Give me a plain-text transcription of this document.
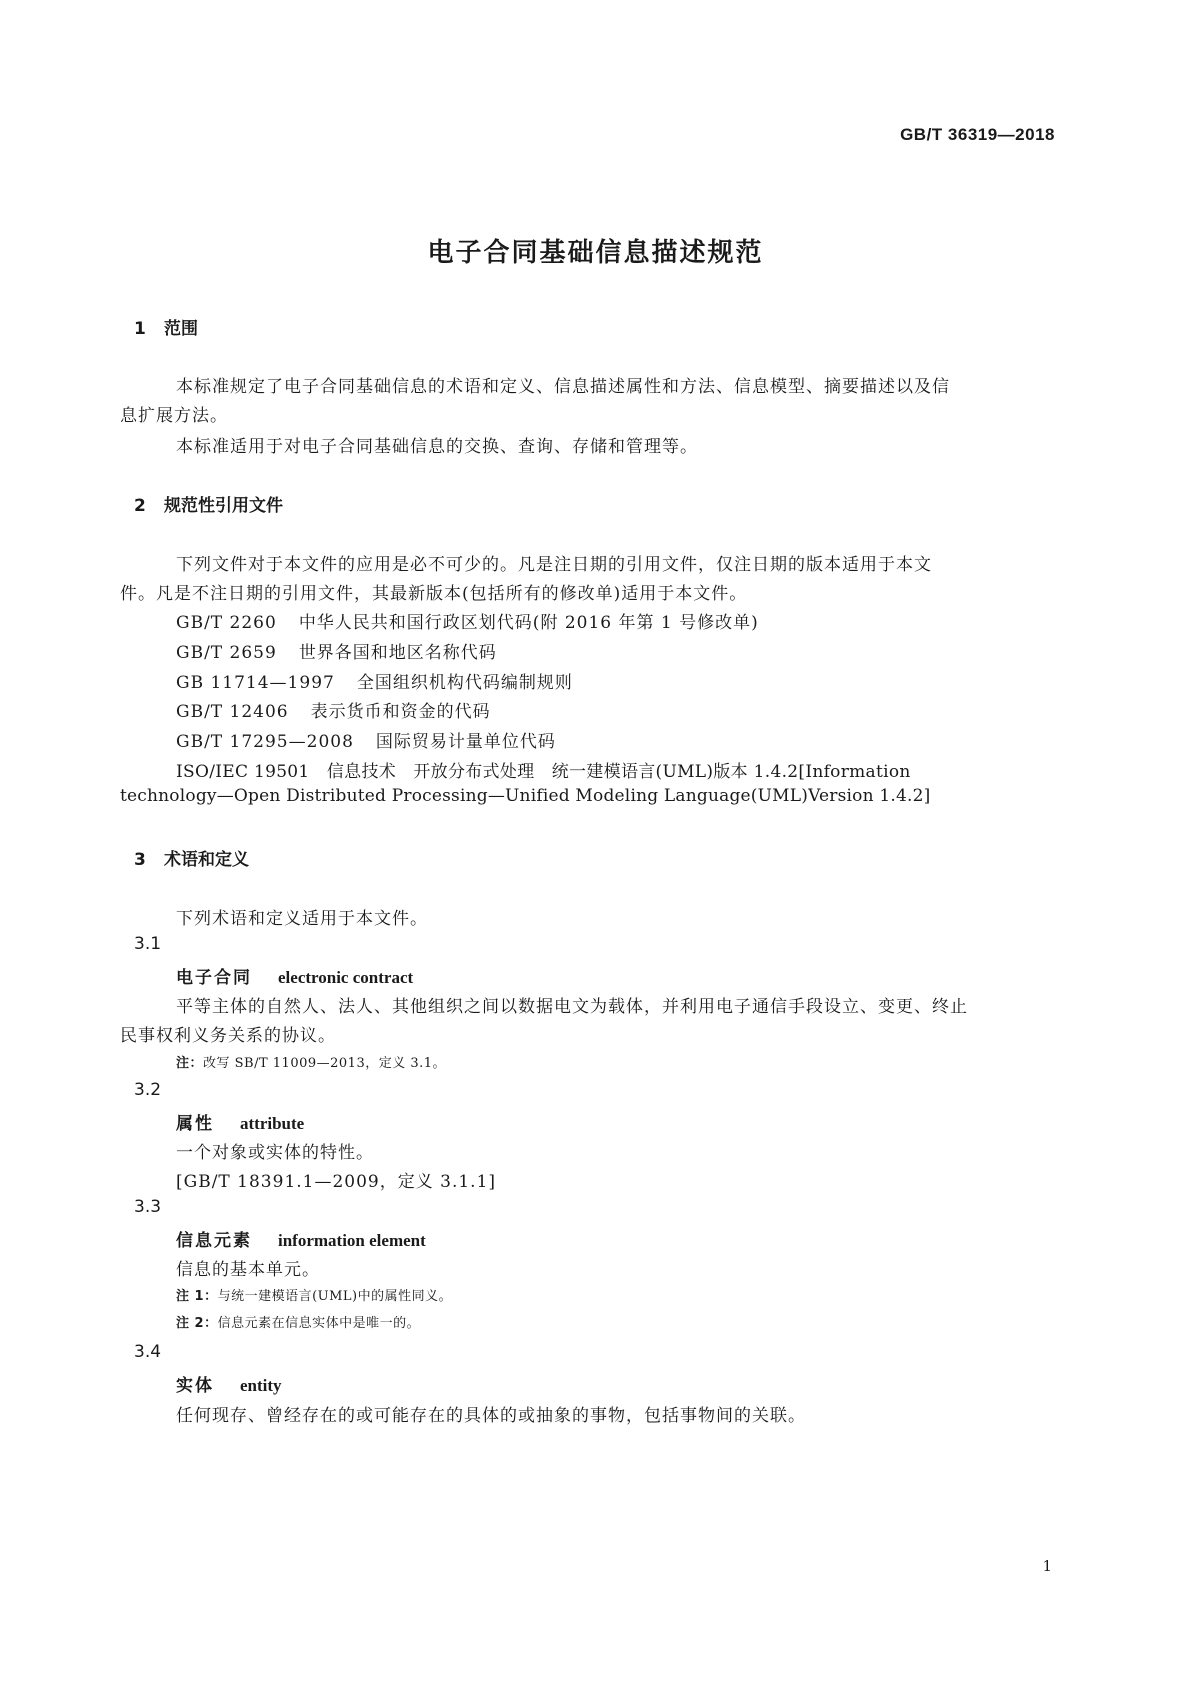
GB/T 36319—2018
电子合同基础信息描述规范
1 范围
本标准规定了电子合同基础信息的术语和定义、信息描述属性和方法、信息模型、摘要描述以及信
息扩展方法。
本标准适用于对电子合同基础信息的交换、查询、存储和管理等。
2 规范性引用文件
下列文件对于本文件的应用是必不可少的。凡是注日期的引用文件，仅注日期的版本适用于本文
件。凡是不注日期的引用文件，其最新版本(包括所有的修改单)适用于本文件。
GB/T 2260 中华人民共和国行政区划代码(附 2016 年第 1 号修改单)
GB/T 2659 世界各国和地区名称代码
GB 11714—1997 全国组织机构代码编制规则
GB/T 12406 表示货币和资金的代码
GB/T 17295—2008 国际贸易计量单位代码
ISO/IEC 19501　信息技术　开放分布式处理　统一建模语言(UML)版本 1.4.2[Information
technology—Open Distributed Processing—Unified Modeling Language(UML)Version 1.4.2]
3 术语和定义
下列术语和定义适用于本文件。
3.1
电子合同 electronic contract
平等主体的自然人、法人、其他组织之间以数据电文为载体，并利用电子通信手段设立、变更、终止
民事权利义务关系的协议。
注：改写 SB/T 11009—2013，定义 3.1。
3.2
属性 attribute
一个对象或实体的特性。
[GB/T 18391.1—2009，定义 3.1.1]
3.3
信息元素 information element
信息的基本单元。
注 1：与统一建模语言(UML)中的属性同义。
注 2：信息元素在信息实体中是唯一的。
3.4
实体 entity
任何现存、曾经存在的或可能存在的具体的或抽象的事物，包括事物间的关联。
1
